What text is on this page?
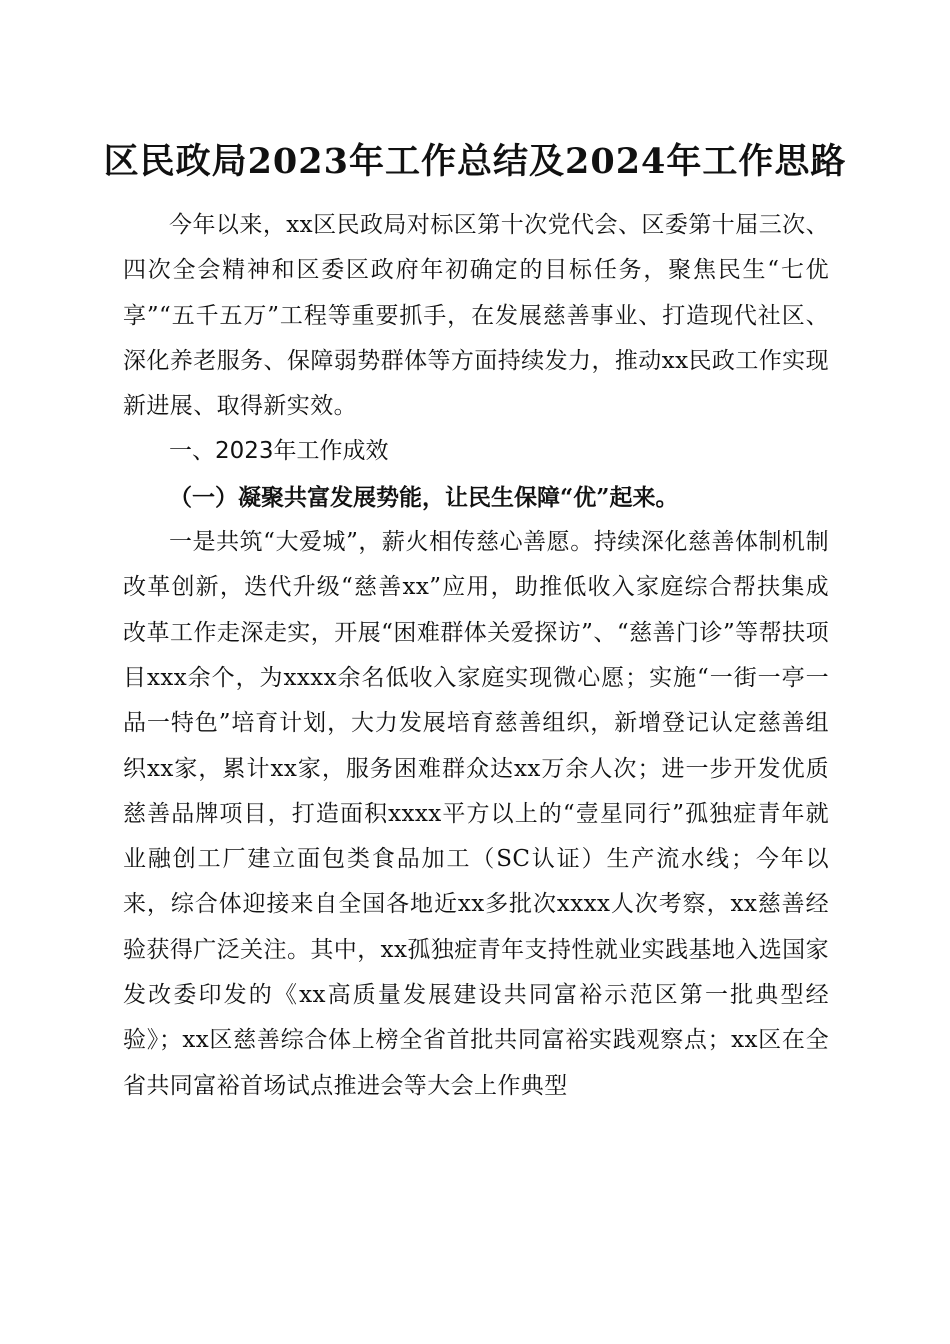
区民政局2023年工作总结及2024年工作思路

今年以来，xx区民政局对标区第十次党代会、区委第十届三次、四次全会精神和区委区政府年初确定的目标任务，聚焦民生“七优享”“五千五万”工程等重要抓手，在发展慈善事业、打造现代社区、深化养老服务、保障弱势群体等方面持续发力，推动xx民政工作实现新进展、取得新实效。

一、2023年工作成效

（一）凝聚共富发展势能，让民生保障“优”起来。

一是共筑“大爱城”，薪火相传慈心善愿。持续深化慈善体制机制改革创新，迭代升级“慈善xx”应用，助推低收入家庭综合帮扶集成改革工作走深走实，开展“困难群体关爱探访”、“慈善门诊”等帮扶项目xxx余个，为xxxx余名低收入家庭实现微心愿；实施“一街一亭一品一特色”培育计划，大力发展培育慈善组织，新增登记认定慈善组织xx家，累计xx家，服务困难群众达xx万余人次；进一步开发优质慈善品牌项目，打造面积xxxx平方以上的“壹星同行”孤独症青年就业融创工厂建立面包类食品加工（SC认证）生产流水线；今年以来，综合体迎接来自全国各地近xx多批次xxxx人次考察，xx慈善经验获得广泛关注。其中，xx孤独症青年支持性就业实践基地入选国家发改委印发的《xx高质量发展建设共同富裕示范区第一批典型经验》；xx区慈善综合体上榜全省首批共同富裕实践观察点；xx区在全省共同富裕首场试点推进会等大会上作典型
